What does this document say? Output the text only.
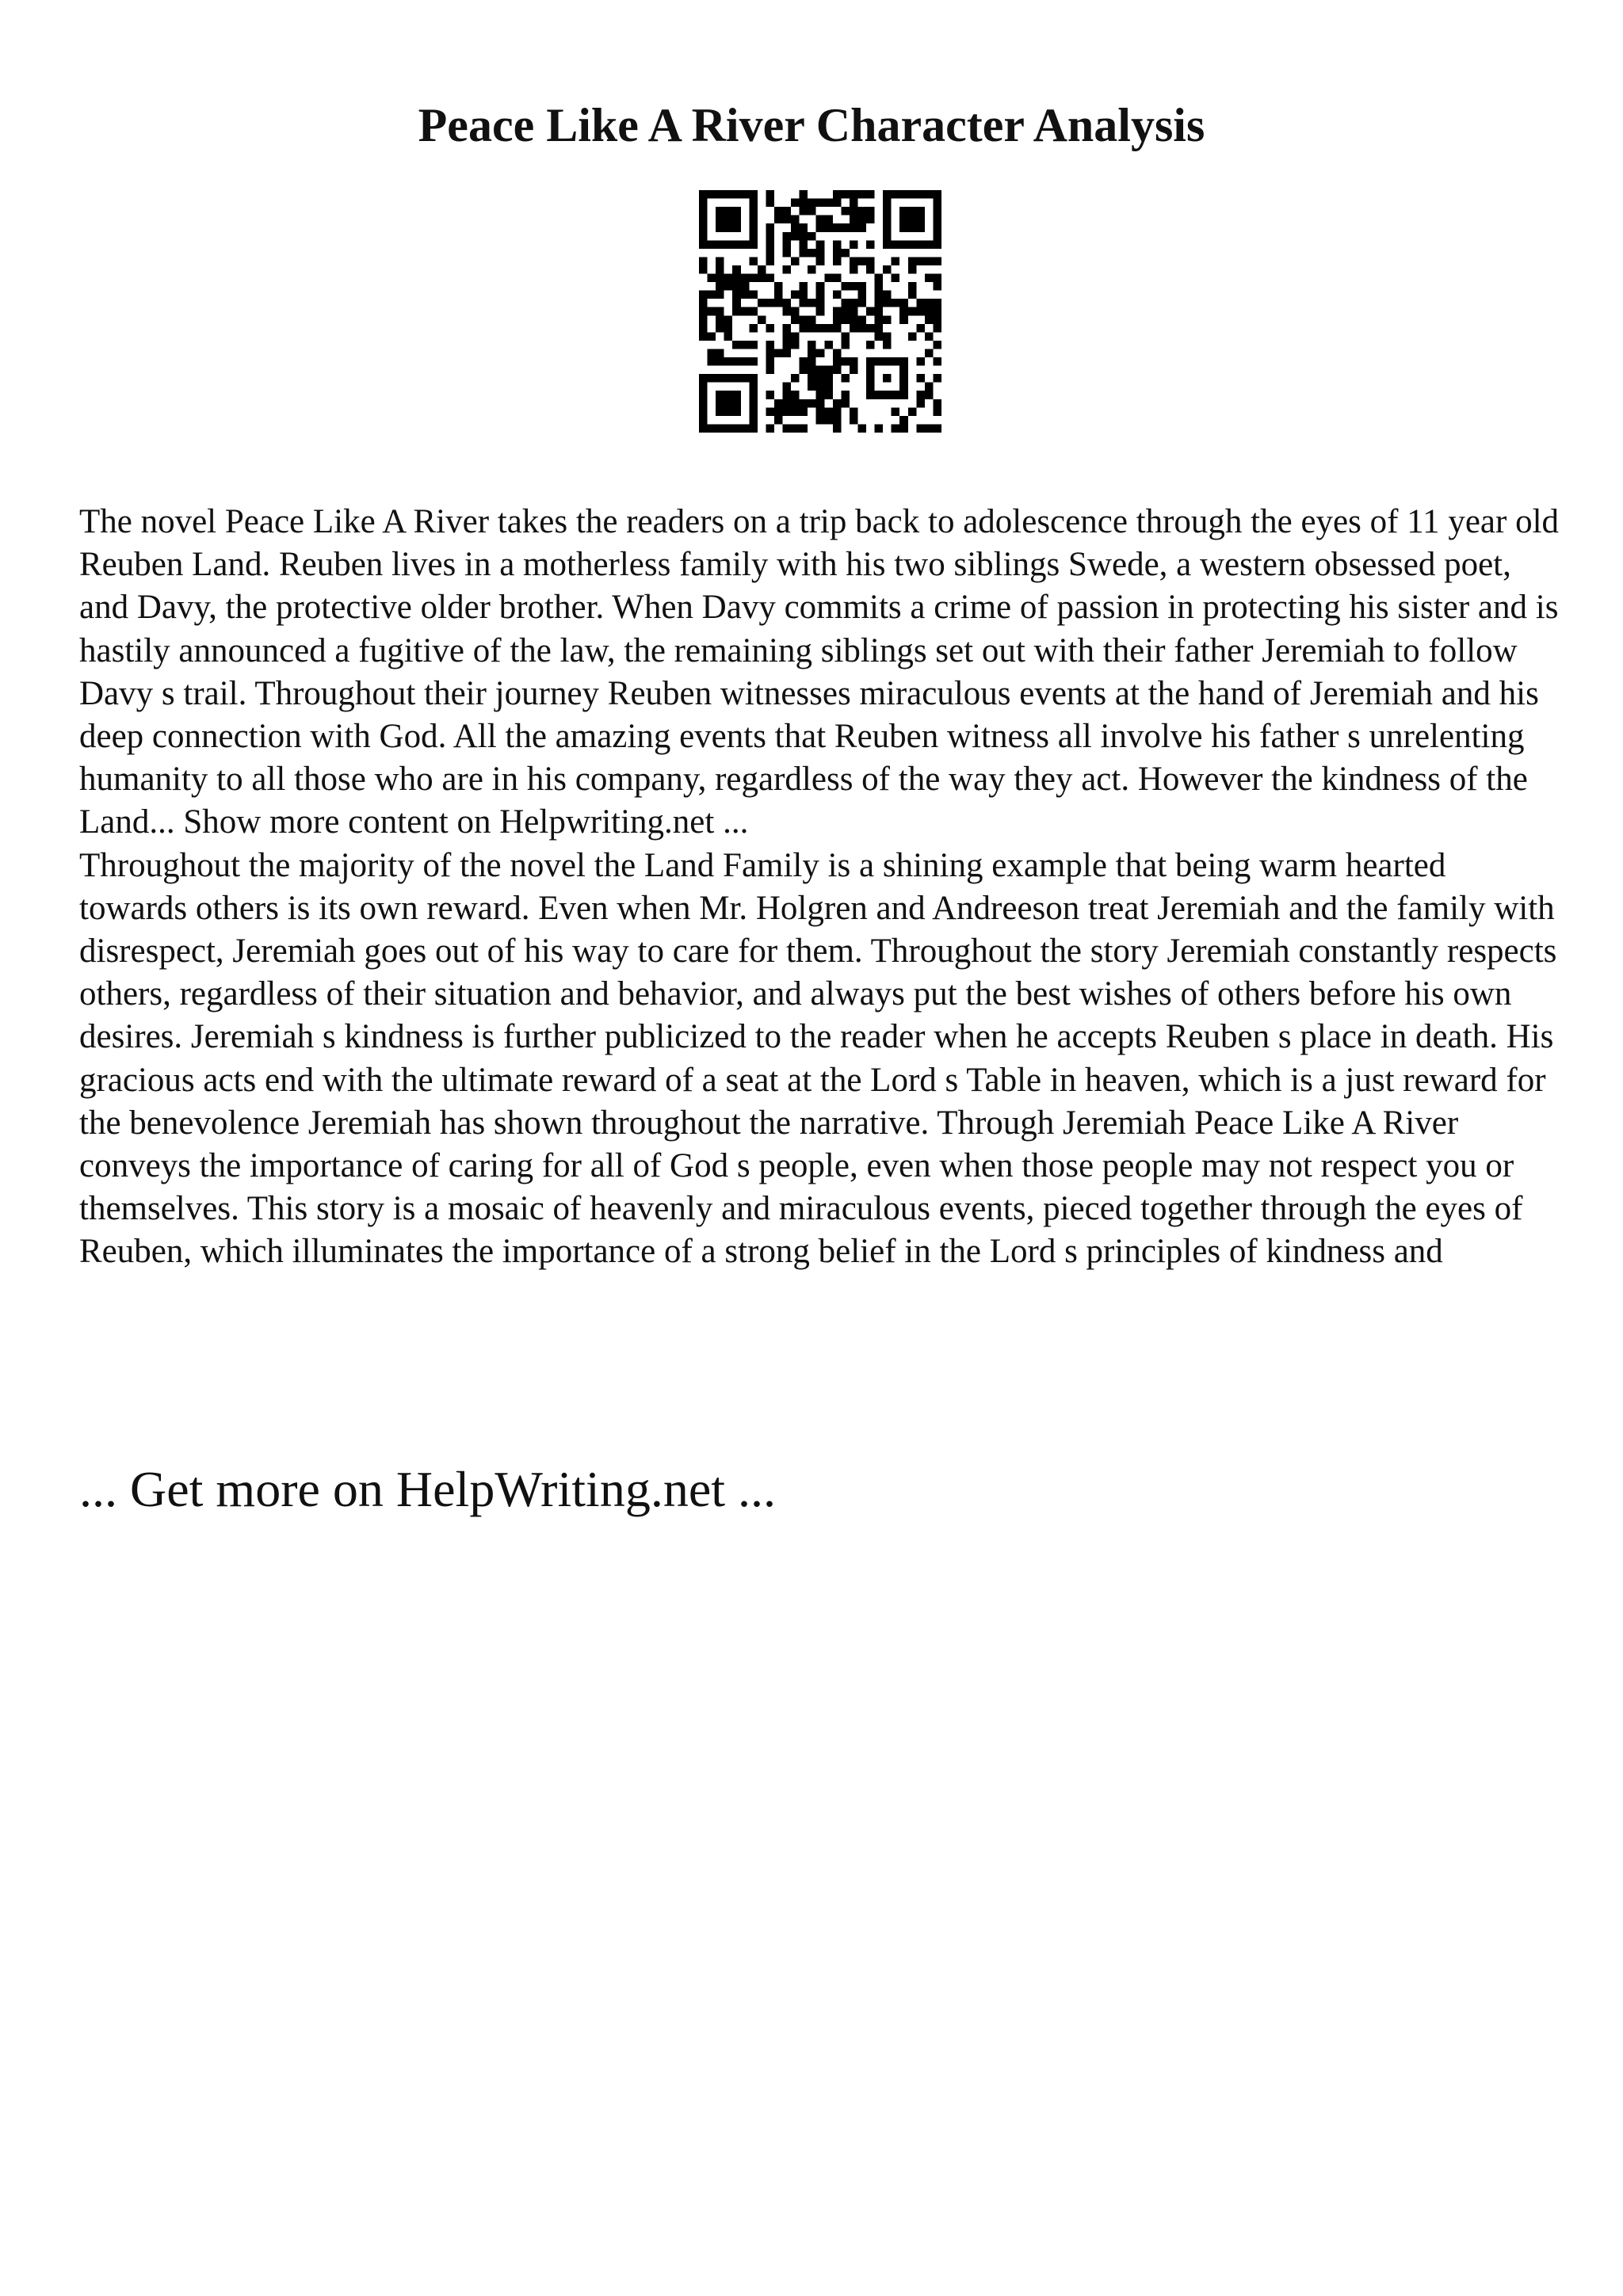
Peace Like A River Character Analysis

The novel Peace Like A River takes the readers on a trip back to adolescence through the eyes of 11 year old Reuben Land. Reuben lives in a motherless family with his two siblings Swede, a western obsessed poet, and Davy, the protective older brother. When Davy commits a crime of passion in protecting his sister and is hastily announced a fugitive of the law, the remaining siblings set out with their father Jeremiah to follow Davy s trail. Throughout their journey Reuben witnesses miraculous events at the hand of Jeremiah and his deep connection with God. All the amazing events that Reuben witness all involve his father s unrelenting humanity to all those who are in his company, regardless of the way they act. However the kindness of the Land... Show more content on Helpwriting.net ...

Throughout the majority of the novel the Land Family is a shining example that being warm hearted towards others is its own reward. Even when Mr. Holgren and Andreeson treat Jeremiah and the family with disrespect, Jeremiah goes out of his way to care for them. Throughout the story Jeremiah constantly respects others, regardless of their situation and behavior, and always put the best wishes of others before his own desires. Jeremiah s kindness is further publicized to the reader when he accepts Reuben s place in death. His gracious acts end with the ultimate reward of a seat at the Lord s Table in heaven, which is a just reward for the benevolence Jeremiah has shown throughout the narrative. Through Jeremiah Peace Like A River conveys the importance of caring for all of God s people, even when those people may not respect you or themselves. This story is a mosaic of heavenly and miraculous events, pieced together through the eyes of Reuben, which illuminates the importance of a strong belief in the Lord s principles of kindness and

... Get more on HelpWriting.net ...
